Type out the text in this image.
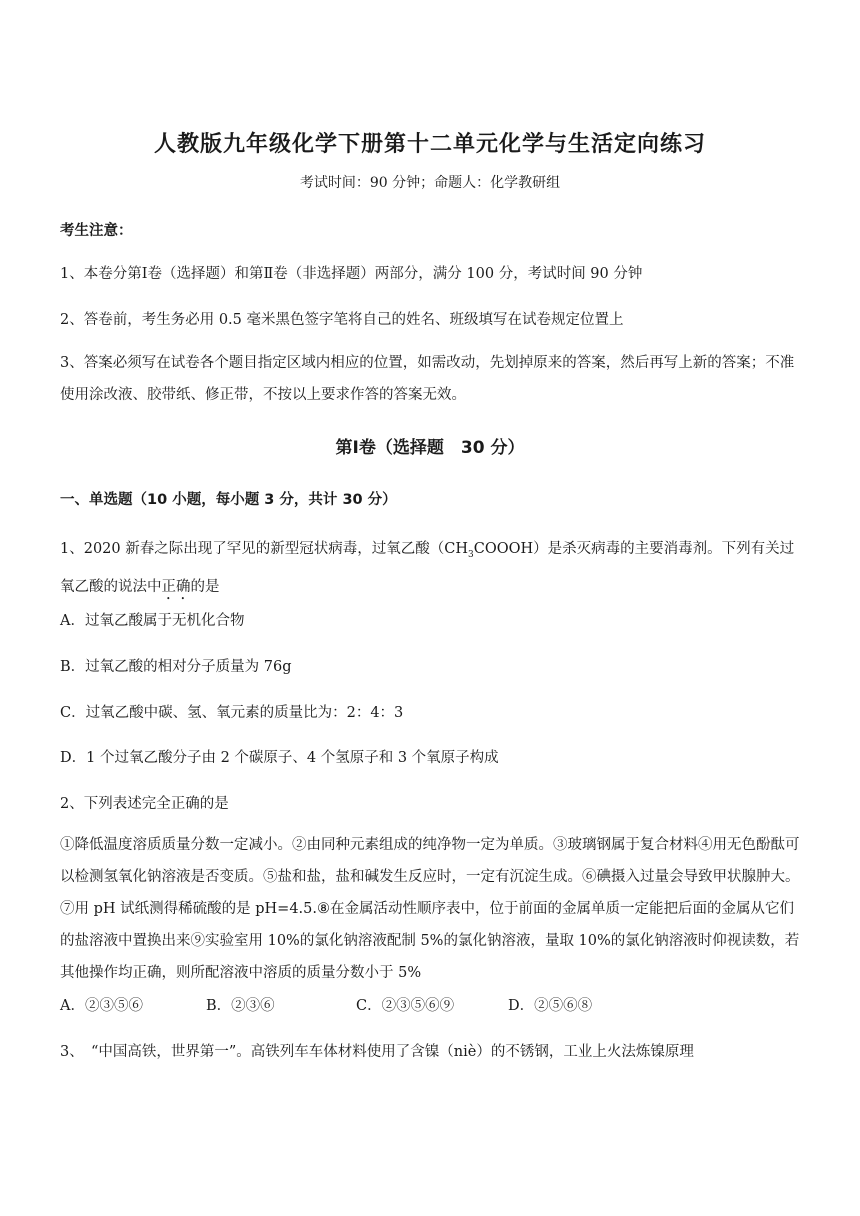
人教版九年级化学下册第十二单元化学与生活定向练习
考试时间：90 分钟；命题人：化学教研组
考生注意：
1、本卷分第Ⅰ卷（选择题）和第Ⅱ卷（非选择题）两部分，满分 100 分，考试时间 90 分钟
2、答卷前，考生务必用 0.5 毫米黑色签字笔将自己的姓名、班级填写在试卷规定位置上
3、答案必须写在试卷各个题目指定区域内相应的位置，如需改动，先划掉原来的答案，然后再写上新的答案；不准使用涂改液、胶带纸、修正带，不按以上要求作答的答案无效。
第Ⅰ卷（选择题　30 分）
一、单选题（10 小题，每小题 3 分，共计 30 分）
1、2020 新春之际出现了罕见的新型冠状病毒，过氧乙酸$(CH_3COOOH)$是杀灭病毒的主要消毒剂。下列有关过氧乙酸的说法中正确的是
A．过氧乙酸属于无机化合物
B．过氧乙酸的相对分子质量为 76g
C．过氧乙酸中碳、氢、氧元素的质量比为：2：4：3
D．1 个过氧乙酸分子由 2 个碳原子、4 个氢原子和 3 个氧原子构成
2、下列表述完全正确的是
①降低温度溶质质量分数一定减小。②由同种元素组成的纯净物一定为单质。③玻璃钢属于复合材料④用无色酚酞可以检测氢氧化钠溶液是否变质。⑤盐和盐，盐和碱发生反应时，一定有沉淀生成。⑥碘摄入过量会导致甲状腺肿大。⑦用 pH 试纸测得稀硫酸的是 pH=4.5.⑧在金属活动性顺序表中，位于前面的金属单质一定能把后面的金属从它们的盐溶液中置换出来⑨实验室用 10%的氯化钠溶液配制 5%的氯化钠溶液，量取 10%的氯化钠溶液时仰视读数，若其他操作均正确，则所配溶液中溶质的质量分数小于 5%
A．②③⑤⑥	B．②③⑥	C．②③⑤⑥⑨	D．②⑤⑥⑧
3、　“中国高铁，世界第一”。高铁列车车体材料使用了含镍（niè）的不锈钢，工业上火法炼镍原理
